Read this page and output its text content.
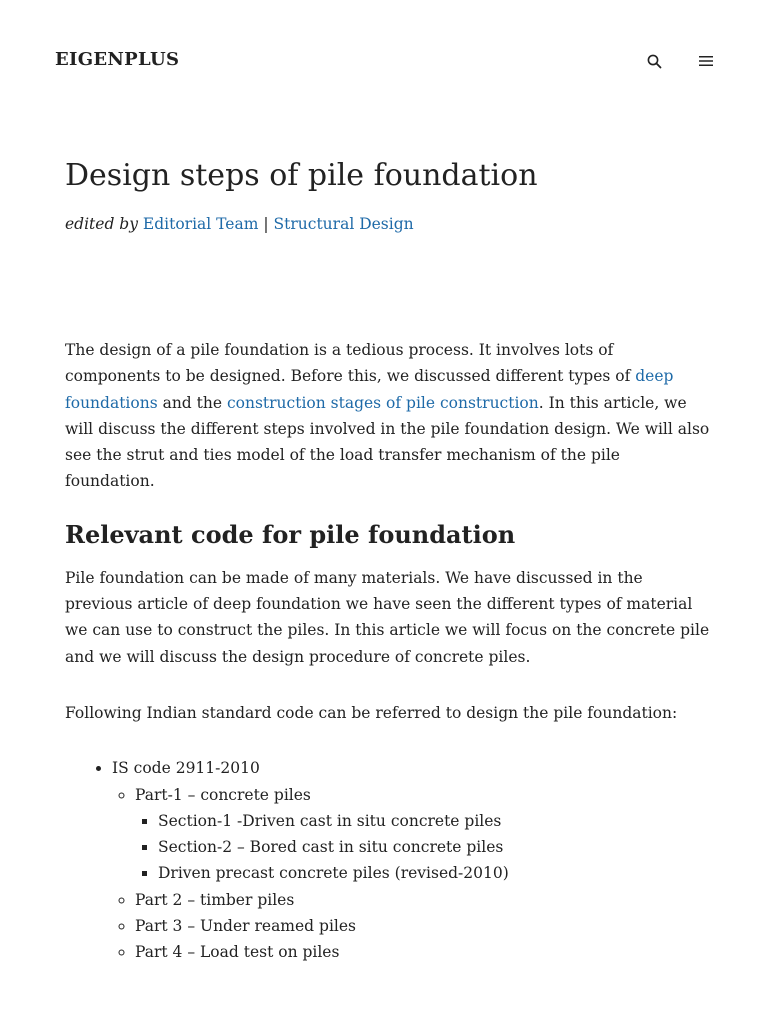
EIGENPLUS
Design steps of pile foundation
edited by Editorial Team | Structural Design

The design of a pile foundation is a tedious process. It involves lots of components to be designed. Before this, we discussed different types of deep foundations and the construction stages of pile construction. In this article, we will discuss the different steps involved in the pile foundation design. We will also see the strut and ties model of the load transfer mechanism of the pile foundation.

Relevant code for pile foundation

Pile foundation can be made of many materials. We have discussed in the previous article of deep foundation we have seen the different types of material we can use to construct the piles. In this article we will focus on the concrete pile and we will discuss the design procedure of concrete piles.

Following Indian standard code can be referred to design the pile foundation:

• IS code 2911-2010
◦ Part-1 – concrete piles
▪ Section-1 -Driven cast in situ concrete piles
▪ Section-2 – Bored cast in situ concrete piles
▪ Driven precast concrete piles (revised-2010)
◦ Part 2 – timber piles
◦ Part 3 – Under reamed piles
◦ Part 4 – Load test on piles
